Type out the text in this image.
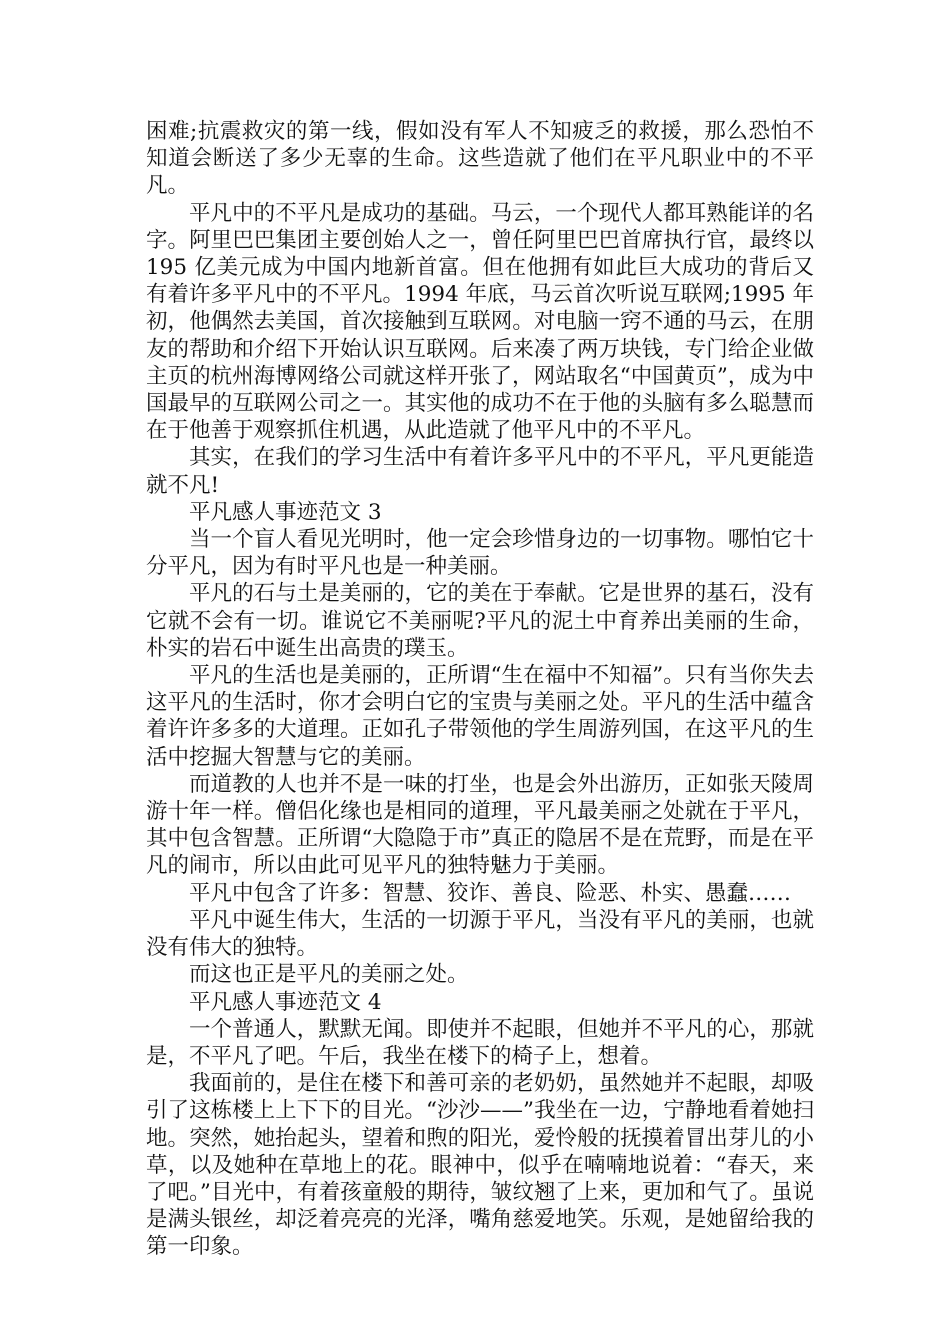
困难;抗震救灾的第一线，假如没有军人不知疲乏的救援，那么恐怕不知道会断送了多少无辜的生命。这些造就了他们在平凡职业中的不平凡。

平凡中的不平凡是成功的基础。马云，一个现代人都耳熟能详的名字。阿里巴巴集团主要创始人之一，曾任阿里巴巴首席执行官，最终以 195 亿美元成为中国内地新首富。但在他拥有如此巨大成功的背后又有着许多平凡中的不平凡。1994 年底，马云首次听说互联网;1995 年初，他偶然去美国，首次接触到互联网。对电脑一窍不通的马云，在朋友的帮助和介绍下开始认识互联网。后来凑了两万块钱，专门给企业做主页的杭州海博网络公司就这样开张了，网站取名“中国黄页”，成为中国最早的互联网公司之一。其实他的成功不在于他的头脑有多么聪慧而在于他善于观察抓住机遇，从此造就了他平凡中的不平凡。

其实，在我们的学习生活中有着许多平凡中的不平凡，平凡更能造就不凡!

平凡感人事迹范文 3

当一个盲人看见光明时，他一定会珍惜身边的一切事物。哪怕它十分平凡，因为有时平凡也是一种美丽。

平凡的石与土是美丽的，它的美在于奉献。它是世界的基石，没有它就不会有一切。谁说它不美丽呢?平凡的泥土中育养出美丽的生命，朴实的岩石中诞生出高贵的璞玉。

平凡的生活也是美丽的，正所谓“生在福中不知福”。只有当你失去这平凡的生活时，你才会明白它的宝贵与美丽之处。平凡的生活中蕴含着许许多多的大道理。正如孔子带领他的学生周游列国，在这平凡的生活中挖掘大智慧与它的美丽。

而道教的人也并不是一味的打坐，也是会外出游历，正如张天陵周游十年一样。僧侣化缘也是相同的道理，平凡最美丽之处就在于平凡，其中包含智慧。正所谓“大隐隐于市”真正的隐居不是在荒野，而是在平凡的闹市，所以由此可见平凡的独特魅力于美丽。

平凡中包含了许多：智慧、狡诈、善良、险恶、朴实、愚蠢……

平凡中诞生伟大，生活的一切源于平凡，当没有平凡的美丽，也就没有伟大的独特。

而这也正是平凡的美丽之处。

平凡感人事迹范文 4

一个普通人，默默无闻。即使并不起眼，但她并不平凡的心，那就是，不平凡了吧。午后，我坐在楼下的椅子上，想着。

我面前的，是住在楼下和善可亲的老奶奶，虽然她并不起眼，却吸引了这栋楼上上下下的目光。“沙沙——”我坐在一边，宁静地看着她扫地。突然，她抬起头，望着和煦的阳光，爱怜般的抚摸着冒出芽儿的小草，以及她种在草地上的花。眼神中，似乎在喃喃地说着：“春天，来了吧。”目光中，有着孩童般的期待，皱纹翘了上来，更加和气了。虽说是满头银丝，却泛着亮亮的光泽，嘴角慈爱地笑。乐观，是她留给我的第一印象。
